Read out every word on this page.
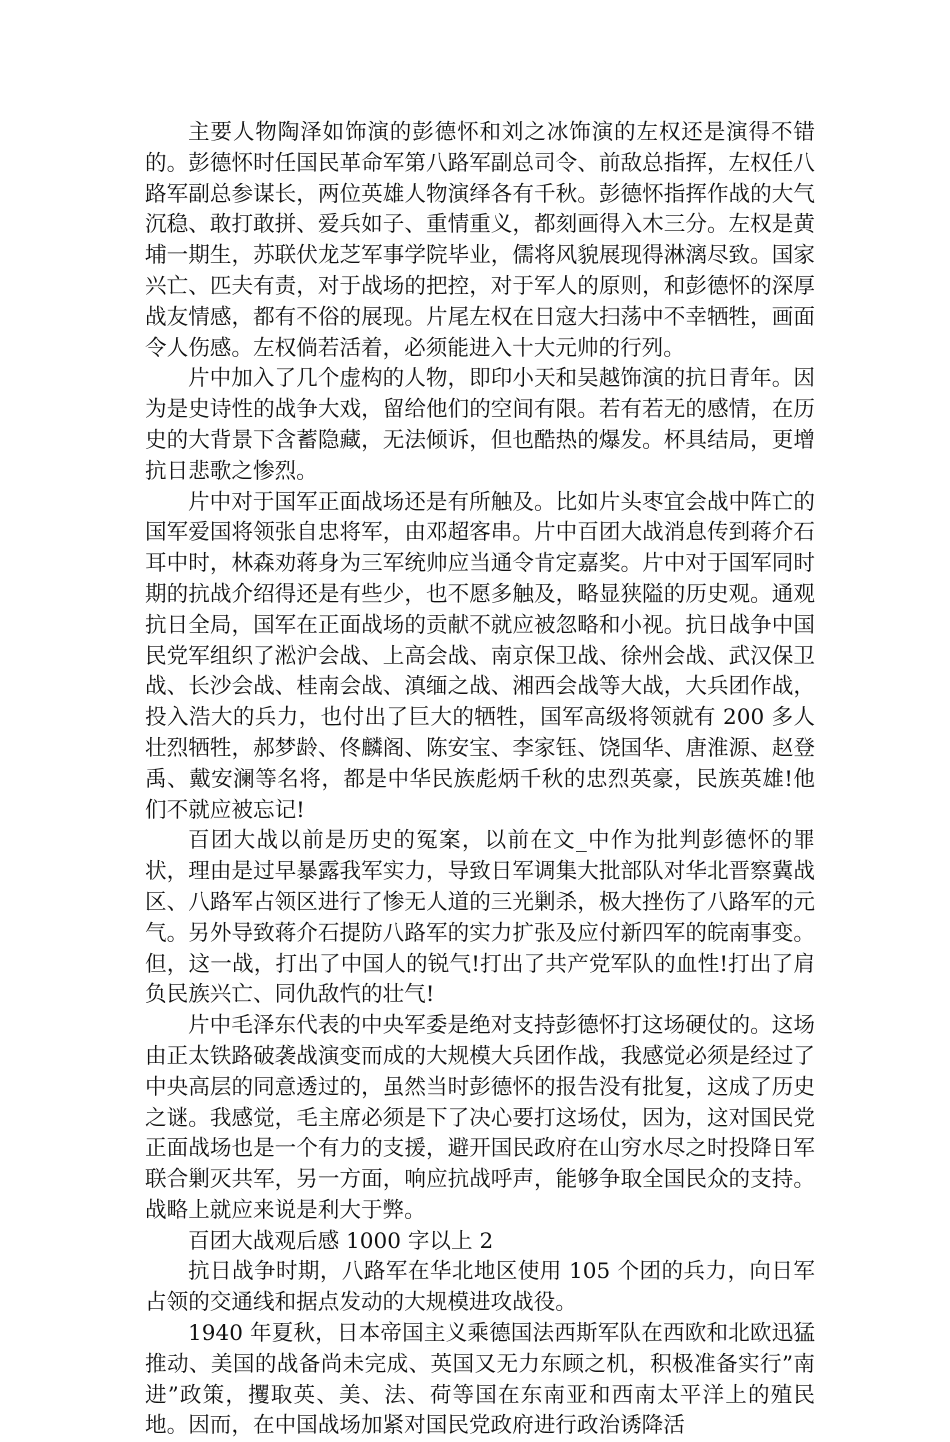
主要人物陶泽如饰演的彭德怀和刘之冰饰演的左权还是演得不错的。彭德怀时任国民革命军第八路军副总司令、前敌总指挥，左权任八路军副总参谋长，两位英雄人物演绎各有千秋。彭德怀指挥作战的大气沉稳、敢打敢拼、爱兵如子、重情重义，都刻画得入木三分。左权是黄埔一期生，苏联伏龙芝军事学院毕业，儒将风貌展现得淋漓尽致。国家兴亡、匹夫有责，对于战场的把控，对于军人的原则，和彭德怀的深厚战友情感，都有不俗的展现。片尾左权在日寇大扫荡中不幸牺牲，画面令人伤感。左权倘若活着，必须能进入十大元帅的行列。

片中加入了几个虚构的人物，即印小天和吴越饰演的抗日青年。因为是史诗性的战争大戏，留给他们的空间有限。若有若无的感情，在历史的大背景下含蓄隐藏，无法倾诉，但也酷热的爆发。杯具结局，更增抗日悲歌之惨烈。

片中对于国军正面战场还是有所触及。比如片头枣宜会战中阵亡的国军爱国将领张自忠将军，由邓超客串。片中百团大战消息传到蒋介石耳中时，林森劝蒋身为三军统帅应当通令肯定嘉奖。片中对于国军同时期的抗战介绍得还是有些少，也不愿多触及，略显狭隘的历史观。通观抗日全局，国军在正面战场的贡献不就应被忽略和小视。抗日战争中国民党军组织了淞沪会战、上高会战、南京保卫战、徐州会战、武汉保卫战、长沙会战、桂南会战、滇缅之战、湘西会战等大战，大兵团作战，投入浩大的兵力，也付出了巨大的牺牲，国军高级将领就有 200 多人壮烈牺牲，郝梦龄、佟麟阁、陈安宝、李家钰、饶国华、唐淮源、赵登禹、戴安澜等名将，都是中华民族彪炳千秋的忠烈英豪，民族英雄!他们不就应被忘记!

百团大战以前是历史的冤案，以前在文_中作为批判彭德怀的罪状，理由是过早暴露我军实力，导致日军调集大批部队对华北晋察冀战区、八路军占领区进行了惨无人道的三光剿杀，极大挫伤了八路军的元气。另外导致蒋介石提防八路军的实力扩张及应付新四军的皖南事变。但，这一战，打出了中国人的锐气!打出了共产党军队的血性!打出了肩负民族兴亡、同仇敌忾的壮气!

片中毛泽东代表的中央军委是绝对支持彭德怀打这场硬仗的。这场由正太铁路破袭战演变而成的大规模大兵团作战，我感觉必须是经过了中央高层的同意透过的，虽然当时彭德怀的报告没有批复，这成了历史之谜。我感觉，毛主席必须是下了决心要打这场仗，因为，这对国民党正面战场也是一个有力的支援，避开国民政府在山穷水尽之时投降日军联合剿灭共军，另一方面，响应抗战呼声，能够争取全国民众的支持。战略上就应来说是利大于弊。

百团大战观后感 1000 字以上 2

抗日战争时期，八路军在华北地区使用 105 个团的兵力，向日军占领的交通线和据点发动的大规模进攻战役。

1940 年夏秋，日本帝国主义乘德国法西斯军队在西欧和北欧迅猛推动、美国的战备尚未完成、英国又无力东顾之机，积极准备实行”南进”政策，攫取英、美、法、荷等国在东南亚和西南太平洋上的殖民地。因而，在中国战场加紧对国民党政府进行政治诱降活
